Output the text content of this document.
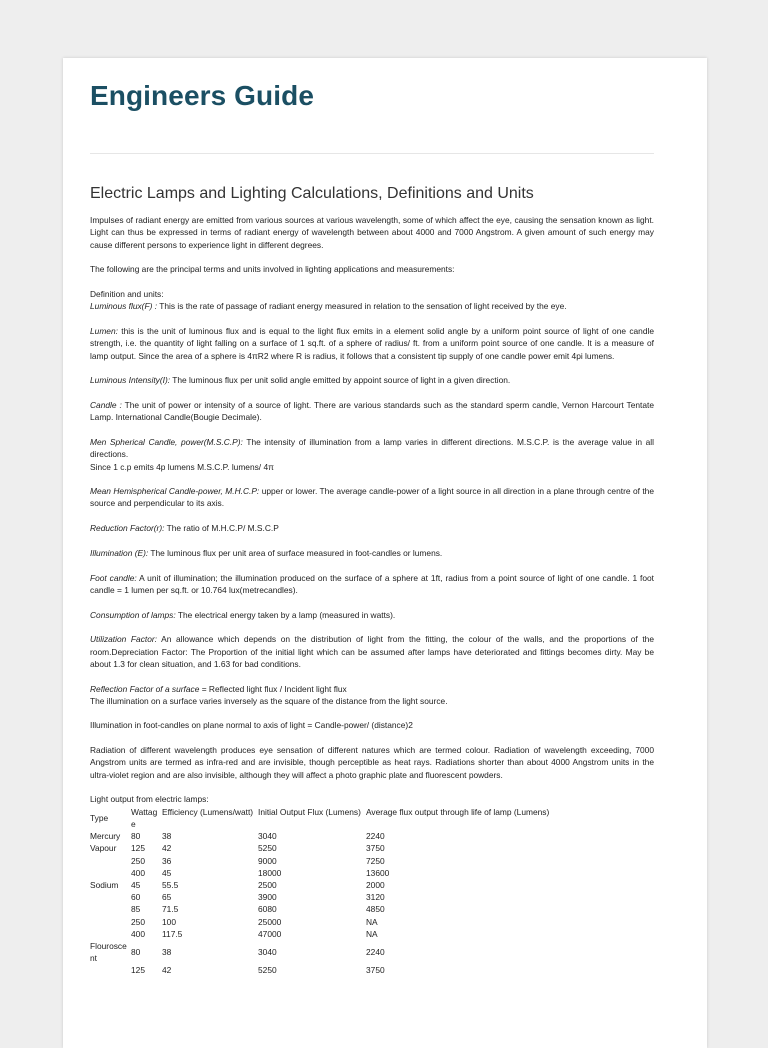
Engineers Guide
Electric Lamps and Lighting Calculations, Definitions and Units

Impulses of radiant energy are emitted from various sources at various wavelength, some of which affect the eye, causing the sensation known as light. Light can thus be expressed in terms of radiant energy of wavelength between about 4000 and 7000 Angstrom. A given amount of such energy may cause different persons to experience light in different degrees.

The following are the principal terms and units involved in lighting applications and measurements:

Definition and units:

Luminous flux(F) : This is the rate of passage of radiant energy measured in relation to the sensation of light received by the eye.

Lumen: this is the unit of luminous flux and is equal to the light flux emits in a element solid angle by a uniform point source of light of one candle strength, i.e. the quantity of light falling on a surface of 1 sq.ft. of a sphere of radius/ ft. from a uniform point source of one candle. It is a measure of lamp output. Since the area of a sphere is 4πR2 where R is radius, it follows that a consistent tip supply of one candle power emit 4pi lumens.

Luminous Intensity(I): The luminous flux per unit solid angle emitted by appoint source of light in a given direction.

Candle : The unit of power or intensity of a source of light. There are various standards such as the standard sperm candle, Vernon Harcourt Tentate Lamp. International Candle(Bougie Decimale).

Men Spherical Candle, power(M.S.C.P): The intensity of illumination from a lamp varies in different directions. M.S.C.P. is the average value in all directions.
Since 1 c.p emits 4p lumens M.S.C.P. lumens/ 4π

Mean Hemispherical Candle-power, M.H.C.P: upper or lower. The average candle-power of a light source in all direction in a plane through centre of the source and perpendicular to its axis.

Reduction Factor(r): The ratio of M.H.C.P/ M.S.C.P

Illumination (E): The luminous flux per unit area of surface measured in foot-candles or lumens.

Foot candle: A unit of illumination; the illumination produced on the surface of a sphere at 1ft, radius from a point source of light of one candle. 1 foot candle = 1 lumen per sq.ft. or 10.764 lux(metrecandles).

Consumption of lamps: The electrical energy taken by a lamp (measured in watts).

Utilization Factor: An allowance which depends on the distribution of light from the fitting, the colour of the walls, and the proportions of the room.Depreciation Factor: The Proportion of the initial light which can be assumed after lamps have deteriorated and fittings becomes dirty. May be about 1.3 for clean situation, and 1.63 for bad conditions.

Reflection Factor of a surface = Reflected light flux / Incident light flux
The illumination on a surface varies inversely as the square of the distance from the light source.

Illumination in foot-candles on plane normal to axis of light = Candle-power/ (distance)2

Radiation of different wavelength produces eye sensation of different natures which are termed colour. Radiation of wavelength exceeding, 7000 Angstrom units are termed as infra-red and are invisible, though perceptible as heat rays. Radiations shorter than about 4000 Angstrom units in the ultra-violet region and are also invisible, although they will affect a photo graphic plate and fluorescent powders.

Light output from electric lamps:

Type	Wattag e	Efficiency (Lumens/watt)	Initial Output Flux (Lumens)	Average flux output through life of lamp (Lumens)
Mercury Vapour	80	38	3040	2240
	125	42	5250	3750
	250	36	9000	7250
	400	45	18000	13600
Sodium	45	55.5	2500	2000
	60	65	3900	3120
	85	71.5	6080	4850
	250	100	25000	NA
	400	117.5	47000	NA
Flourosce nt	80	38	3040	2240
	125	42	5250	3750
